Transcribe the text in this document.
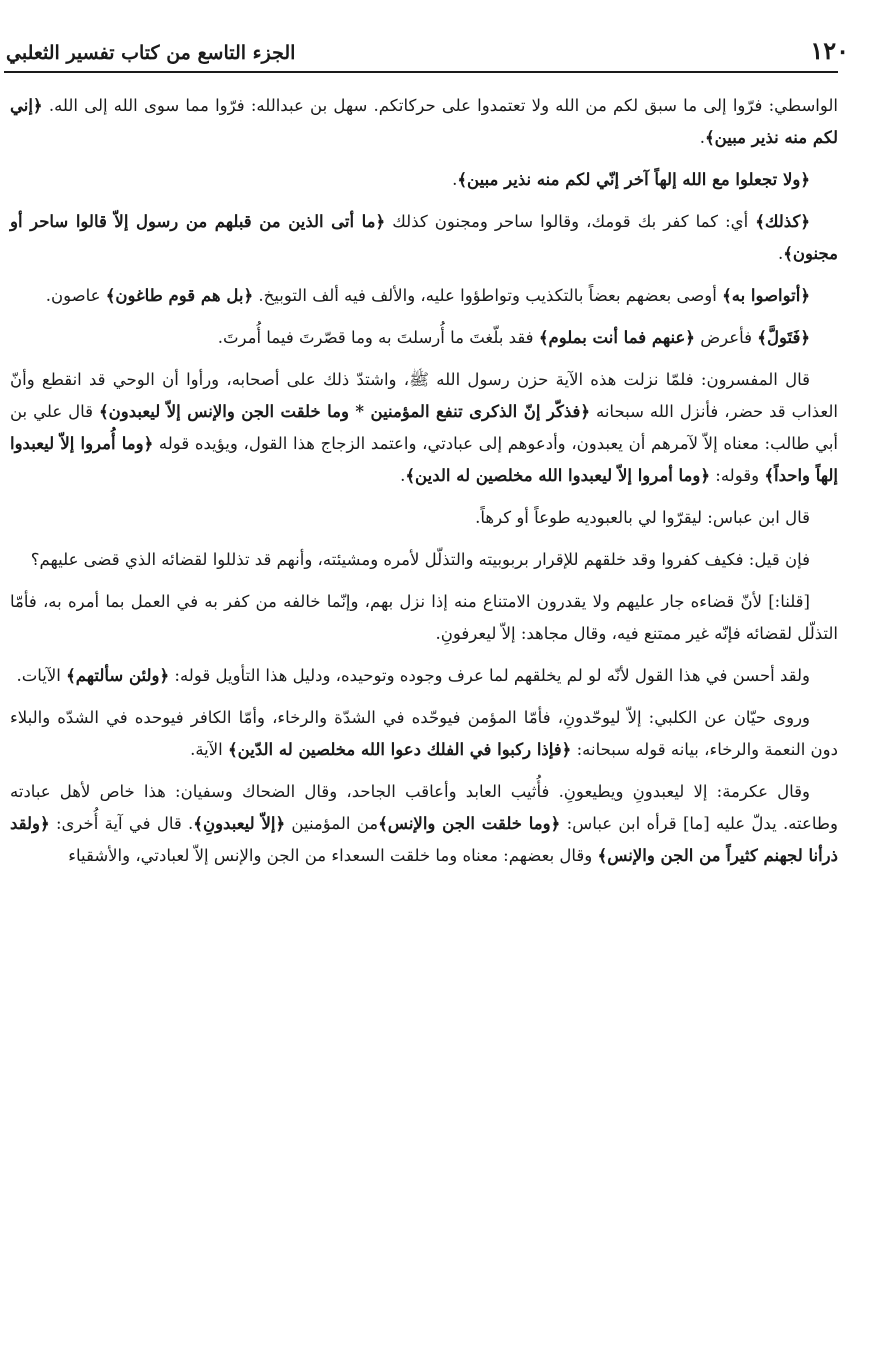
١٢٠
الجزء التاسع من كتاب تفسير الثعلبي

الواسطي: فرّوا إلى ما سبق لكم من الله ولا تعتمدوا على حركاتكم. سهل بن عبدالله: فرّوا مما سوى الله إلى الله. ﴿إني لكم منه نذير مبين﴾.

﴿ولا تجعلوا مع الله إلهاً آخر إنّي لكم منه نذير مبين﴾.

﴿كذلك﴾ أي: كما كفر بك قومك، وقالوا ساحر ومجنون كذلك ﴿ما أتى الذين من قبلهم من رسول إلاّ قالوا ساحر أو مجنون﴾.

﴿أتواصوا به﴾ أوصى بعضهم بعضاً بالتكذيب وتواطؤوا عليه، والألف فيه ألف التوبيخ. ﴿بل هم قوم طاغون﴾ عاصون.

﴿فَتَولَّ﴾ فأعرض ﴿عنهم فما أنت بملوم﴾ فقد بلّغتَ ما أُرسلتَ به وما قصّرتَ فيما أُمرتَ.

قال المفسرون: فلمّا نزلت هذه الآية حزن رسول الله ﷺ، واشتدّ ذلك على أصحابه، ورأوا أن الوحي قد انقطع وأنّ العذاب قد حضر، فأنزل الله سبحانه ﴿فذكّر إنّ الذكرى تنفع المؤمنين * وما خلقت الجن والإنس إلاّ ليعبدون﴾ قال علي بن أبي طالب: معناه إلاّ لآمرهم أن يعبدون، وأدعوهم إلى عبادتي، واعتمد الزجاج هذا القول، ويؤيده قوله ﴿وما أُمروا إلاّ ليعبدوا إلهاً واحداً﴾ وقوله: ﴿وما أمروا إلاّ ليعبدوا الله مخلصين له الدين﴾.

قال ابن عباس: ليقرّوا لي بالعبوديه طوعاً أو كرهاً.

فإن قيل: فكيف كفروا وقد خلقهم للإقرار بربوبيته والتذلّل لأمره ومشيئته، وأنهم قد تذللوا لقضائه الذي قضى عليهم؟

[قلنا:] لأنّ قضاءه جار عليهم ولا يقدرون الامتناع منه إذا نزل بهم، وإنّما خالفه من كفر به في العمل بما أمره به، فأمّا التذلّل لقضائه فإنّه غير ممتنع فيه، وقال مجاهد: إلاّ ليعرفونِ.

ولقد أحسن في هذا القول لأنّه لو لم يخلقهم لما عرف وجوده وتوحيده، ودليل هذا التأويل قوله: ﴿ولئن سألتهم﴾ الآيات.

وروى حيّان عن الكلبي: إلاّ ليوحّدونِ، فأمّا المؤمن فيوحّده في الشدّة والرخاء، وأمّا الكافر فيوحده في الشدّه والبلاء دون النعمة والرخاء، بيانه قوله سبحانه: ﴿فإذا ركبوا في الفلك دعوا الله مخلصين له الدّين﴾ الآية.

وقال عكرمة: إلا ليعبدونِ ويطيعونِ. فأُثيب العابد وأعاقب الجاحد، وقال الضحاك وسفيان: هذا خاص لأهل عبادته وطاعته. يدلّ عليه [ما] قرأه ابن عباس: ﴿وما خلقت الجن والإنس﴾من المؤمنين ﴿إلاّ ليعبدونِ﴾. قال في آية أُخرى: ﴿ولقد ذرأنا لجهنم كثيراً من الجن والإنس﴾ وقال بعضهم: معناه وما خلقت السعداء من الجن والإنس إلاّ لعبادتي، والأشقياء
